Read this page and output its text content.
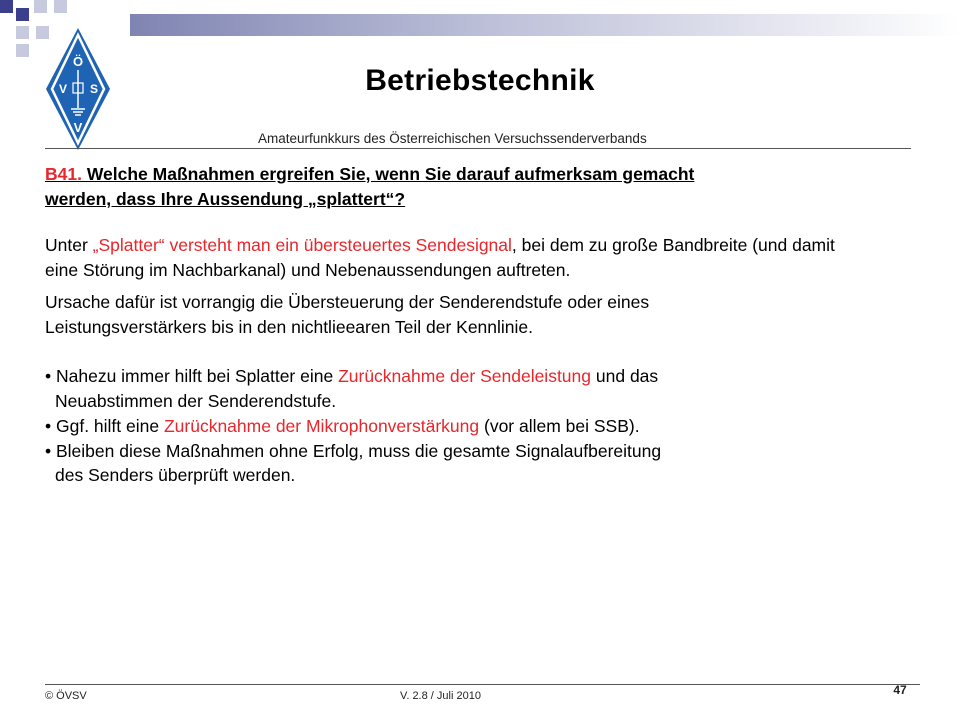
Ö
V S
V
Betriebstechnik
Amateurfunkkurs des Österreichischen Versuchssenderverbands

B41. Welche Maßnahmen ergreifen Sie, wenn Sie darauf aufmerksam gemacht
werden, dass Ihre Aussendung „splattert“?

Unter „Splatter“ versteht man ein übersteuertes Sendesignal, bei dem zu große Bandbreite (und damit eine Störung im Nachbarkanal) und Nebenaussendungen auftreten.

Ursache dafür ist vorrangig die Übersteuerung der Senderendstufe oder eines
Leistungsverstärkers bis in den nichtlieearen Teil der Kennlinie.

• Nahezu immer hilft bei Splatter eine Zurücknahme der Sendeleistung und das
Neuabstimmen der Senderendstufe.

• Ggf. hilft eine Zurücknahme der Mikrophonverstärkung (vor allem bei SSB).

• Bleiben diese Maßnahmen ohne Erfolg, muss die gesamte Signalaufbereitung
des Senders überprüft werden.

© ÖVSV	V. 2.8 / Juli 2010	47
